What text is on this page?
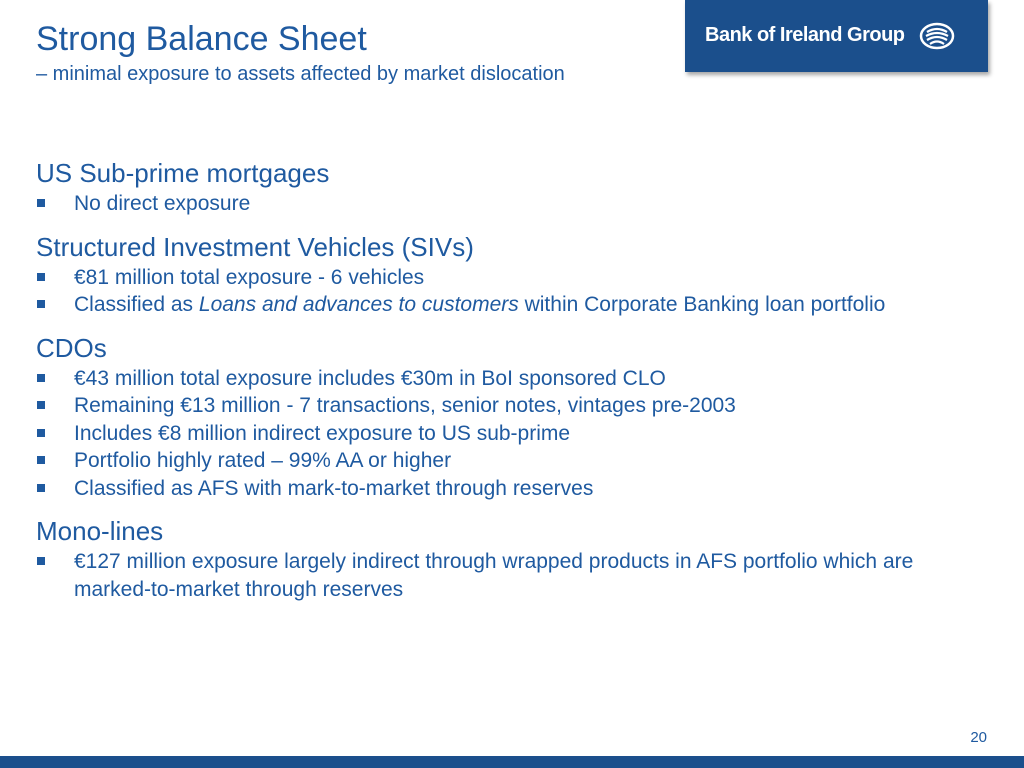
Strong Balance Sheet

– minimal exposure to assets affected by market dislocation

Bank of Ireland Group
US Sub-prime mortgages
No direct exposure
Structured Investment Vehicles (SIVs)
€81 million total exposure - 6 vehicles
Classified as Loans and advances to customers within Corporate Banking loan portfolio
CDOs
€43 million total exposure includes €30m in BoI sponsored CLO
Remaining €13 million - 7 transactions, senior notes, vintages pre-2003
Includes €8 million indirect exposure to US sub-prime
Portfolio highly rated – 99% AA or higher
Classified as AFS with mark-to-market through reserves
Mono-lines
€127 million exposure largely indirect through wrapped products in AFS portfolio which are marked-to-market through reserves
20
